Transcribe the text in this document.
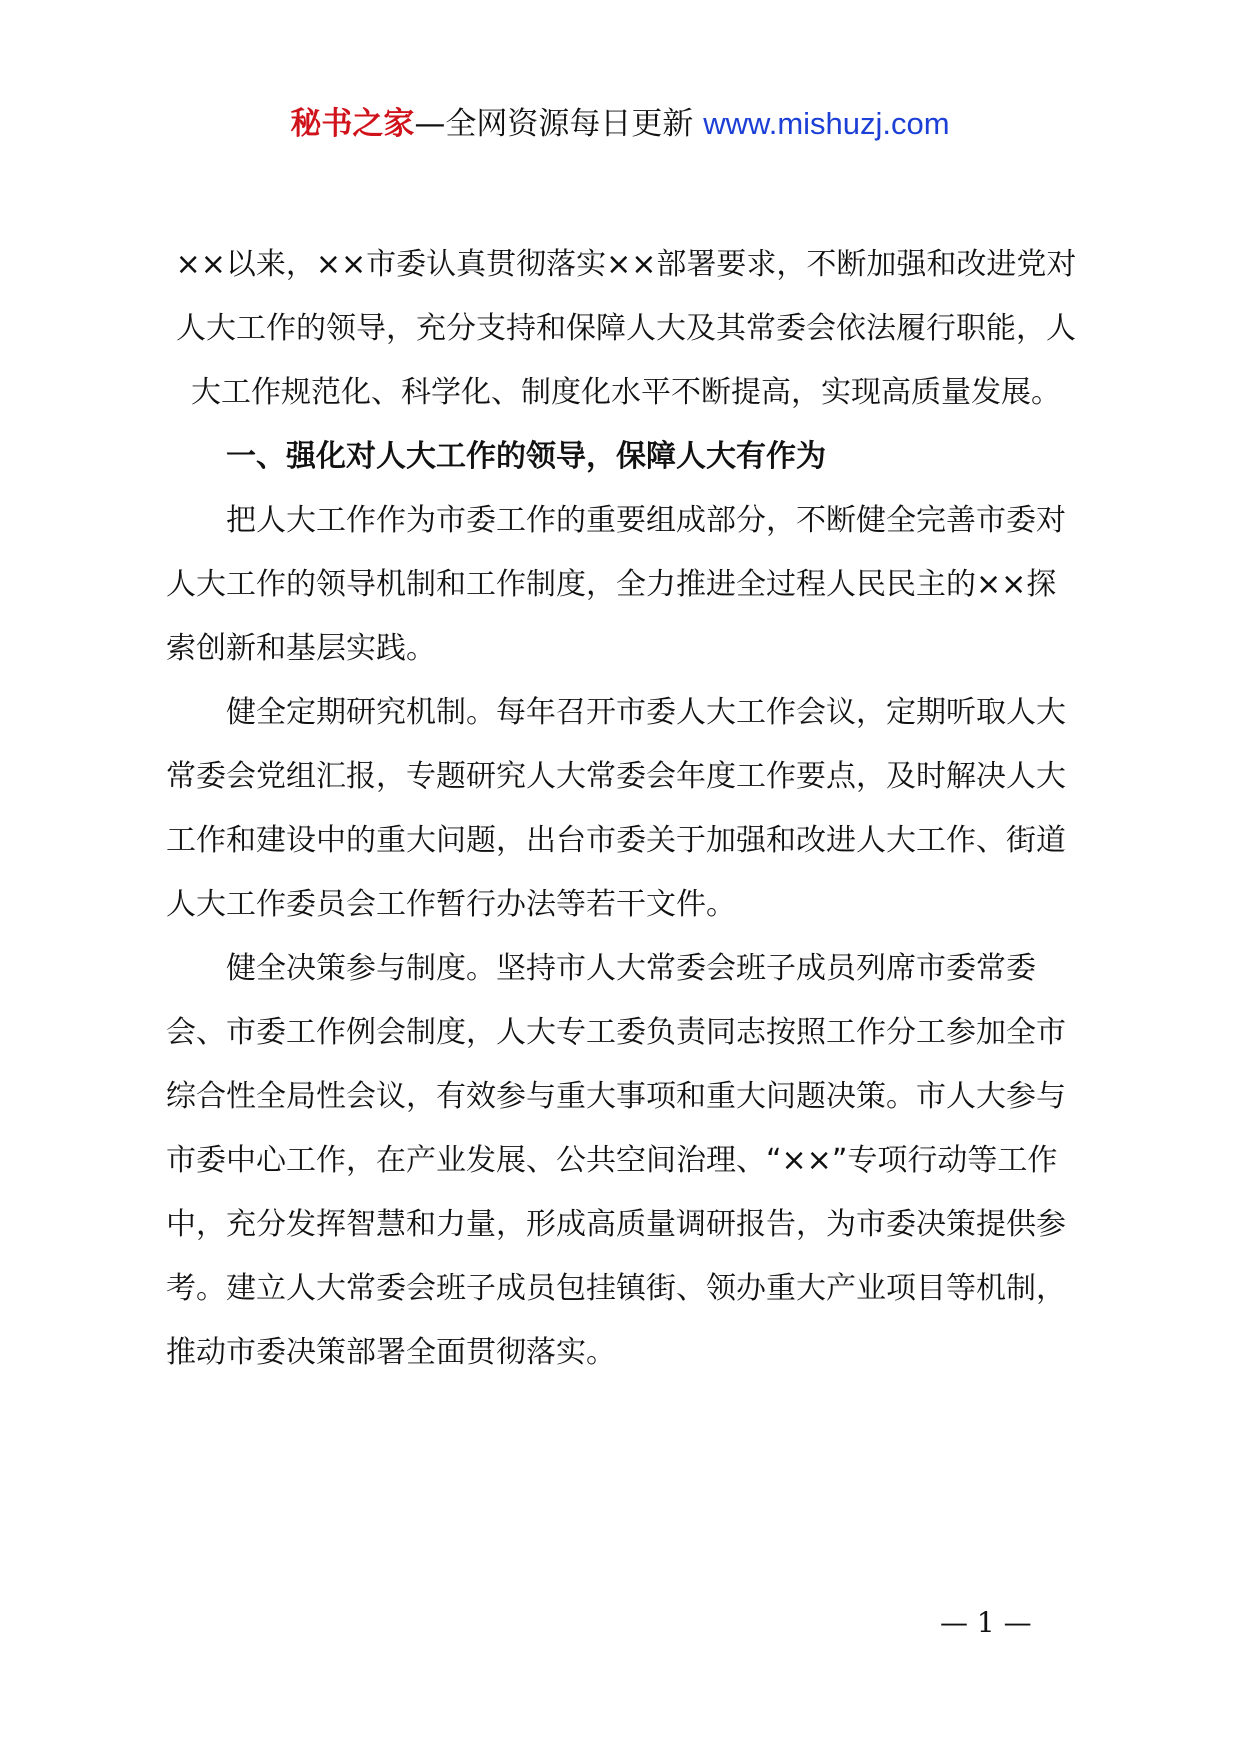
秘书之家—全网资源每日更新 www.mishuzj.com

××以来，××市委认真贯彻落实××部署要求，不断加强和改进党对人大工作的领导，充分支持和保障人大及其常委会依法履行职能，人大工作规范化、科学化、制度化水平不断提高，实现高质量发展。

一、强化对人大工作的领导，保障人大有作为

把人大工作作为市委工作的重要组成部分，不断健全完善市委对人大工作的领导机制和工作制度，全力推进全过程人民民主的××探索创新和基层实践。

健全定期研究机制。每年召开市委人大工作会议，定期听取人大常委会党组汇报，专题研究人大常委会年度工作要点，及时解决人大工作和建设中的重大问题，出台市委关于加强和改进人大工作、街道人大工作委员会工作暂行办法等若干文件。

健全决策参与制度。坚持市人大常委会班子成员列席市委常委会、市委工作例会制度，人大专工委负责同志按照工作分工参加全市综合性全局性会议，有效参与重大事项和重大问题决策。市人大参与市委中心工作，在产业发展、公共空间治理、“××”专项行动等工作中，充分发挥智慧和力量，形成高质量调研报告，为市委决策提供参考。建立人大常委会班子成员包挂镇街、领办重大产业项目等机制，推动市委决策部署全面贯彻落实。

— 1 —
